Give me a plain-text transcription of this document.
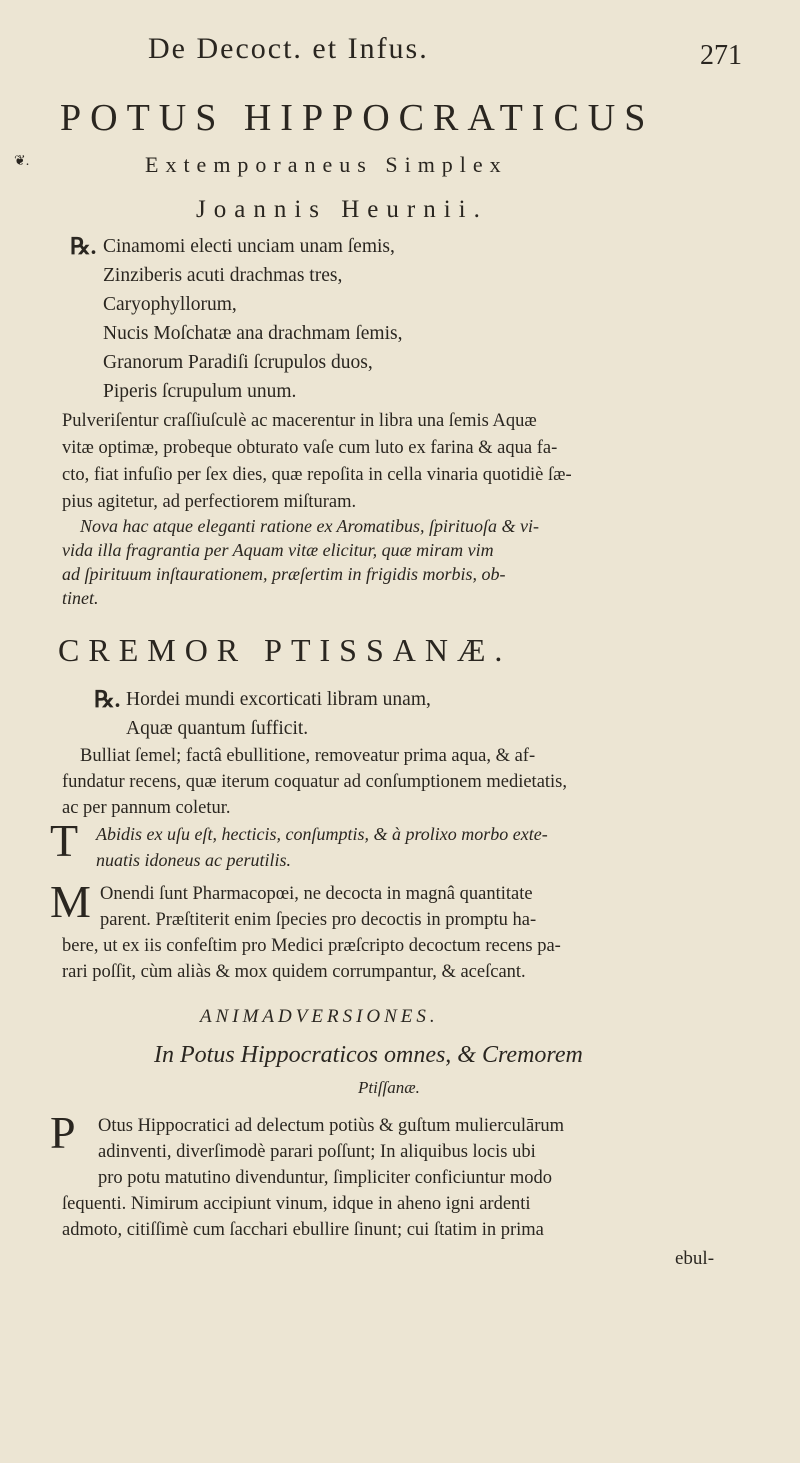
De Decoct. et Infus.	271
POTUS HIPPOCRATICUS
❦.	Extemporaneus Simplex
Joannis Heurnii.
℞. Cinamomi electi unciam unam ſemis,
Zinziberis acuti drachmas tres,
Caryophyllorum,
Nucis Moſchatæ ana drachmam ſemis,
Granorum Paradiſi ſcrupulos duos,
Piperis ſcrupulum unum.
Pulveriſentur craſſiuſculè ac macerentur in libra una ſemis Aquæ
vitæ optimæ, probeque obturato vaſe cum luto ex farina & aqua fa-
cto, fiat infuſio per ſex dies, quæ repoſita in cella vinaria quotidiè ſæ-
pius agitetur, ad perfectiorem miſturam.
Nova hac atque eleganti ratione ex Aromatibus, ſpirituoſa & vi-
vida illa fragrantia per Aquam vitæ elicitur, quæ miram vim
ad ſpirituum inſtaurationem, præſertim in frigidis morbis, ob-
tinet.
CREMOR PTISSANÆ.
℞. Hordei mundi excorticati libram unam,
Aquæ quantum ſufficit.
Bulliat ſemel; factâ ebullitione, removeatur prima aqua, & af-
fundatur recens, quæ iterum coquatur ad conſumptionem medietatis,
ac per pannum coletur.
T Abidis ex uſu eſt, hecticis, conſumptis, & à prolixo morbo exte-
nuatis idoneus ac perutilis.
M Onendi ſunt Pharmacopœi, ne decocta in magnâ quantitate
parent. Præſtiterit enim ſpecies pro decoctis in promptu ha-
bere, ut ex iis confeſtim pro Medici præſcripto decoctum recens pa-
rari poſſit, cùm aliàs & mox quidem corrumpantur, & aceſcant.
ANIMADVERSIONES.
In Potus Hippocraticos omnes, & Cremorem
Ptiſſanæ.
P Otus Hippocratici ad delectum potiùs & guſtum mulierculārum
adinventi, diverſimodè parari poſſunt; In aliquibus locis ubi
pro potu matutino divenduntur, ſimpliciter conficiuntur modo
ſequenti. Nimirum accipiunt vinum, idque in aheno igni ardenti
admoto, citiſſimè cum ſacchari ebullire ſinunt; cui ſtatim in prima
ebul-
